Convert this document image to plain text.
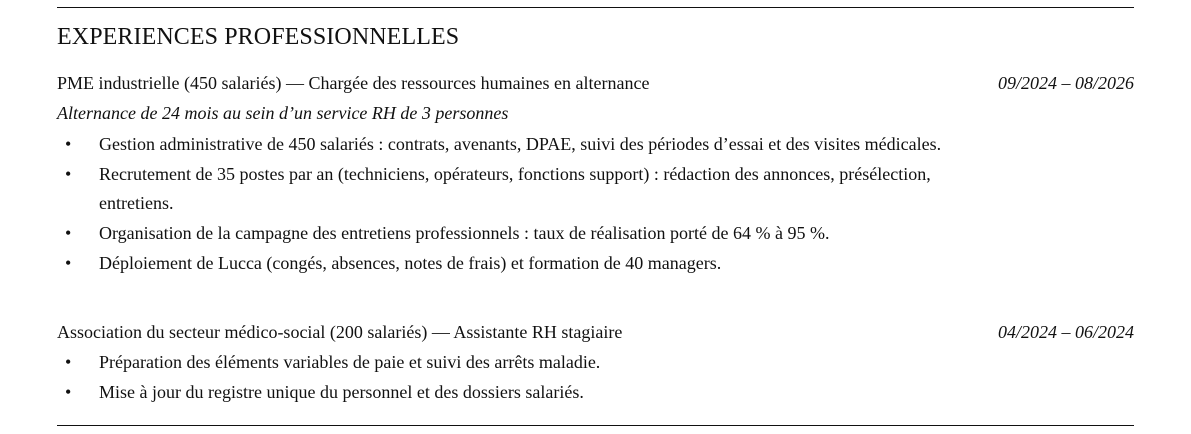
EXPERIENCES PROFESSIONNELLES
PME industrielle (450 salariés) — Chargée des ressources humaines en alternance	09/2024 – 08/2026
Alternance de 24 mois au sein d’un service RH de 3 personnes
• Gestion administrative de 450 salariés : contrats, avenants, DPAE, suivi des périodes d’essai et des visites médicales.
• Recrutement de 35 postes par an (techniciens, opérateurs, fonctions support) : rédaction des annonces, présélection, entretiens.
• Organisation de la campagne des entretiens professionnels : taux de réalisation porté de 64 % à 95 %.
• Déploiement de Lucca (congés, absences, notes de frais) et formation de 40 managers.
Association du secteur médico-social (200 salariés) — Assistante RH stagiaire	04/2024 – 06/2024
• Préparation des éléments variables de paie et suivi des arrêts maladie.
• Mise à jour du registre unique du personnel et des dossiers salariés.
